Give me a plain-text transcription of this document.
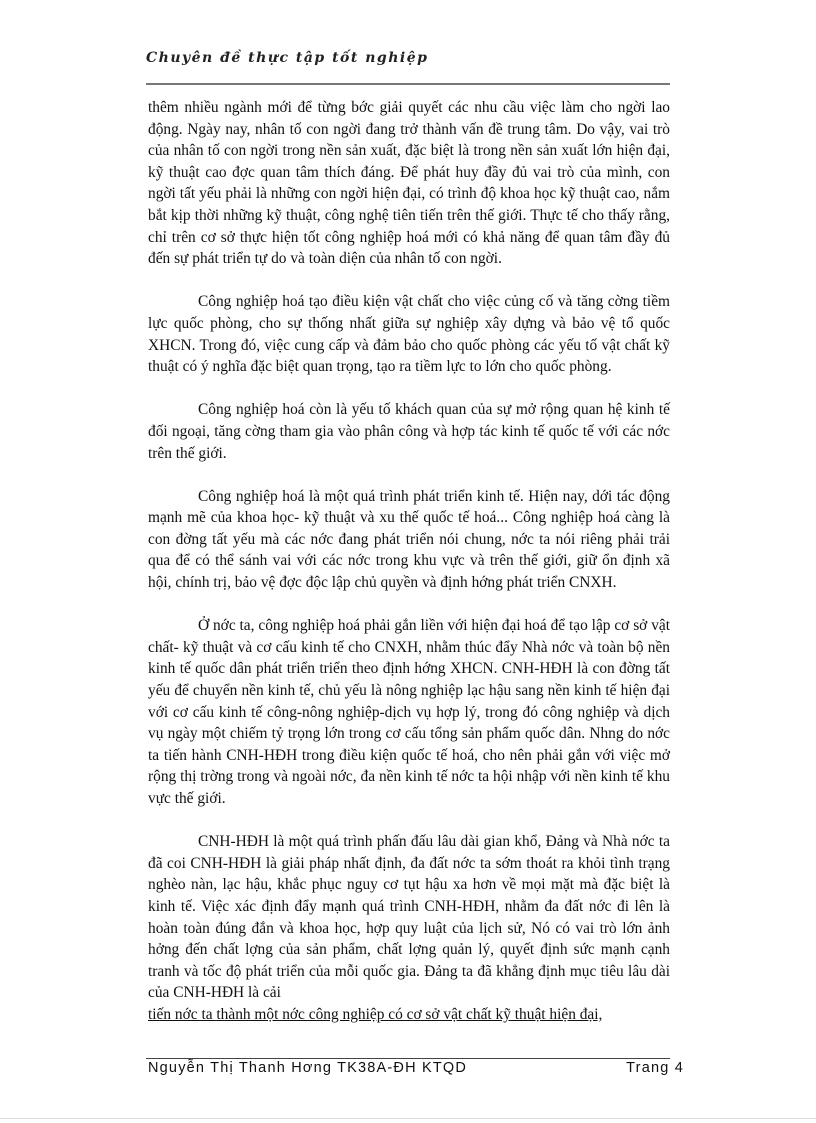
Chuyên đề thực tập tốt nghiệp

thêm nhiều ngành mới để từng bớc giải quyết các nhu cầu việc làm cho ngời lao động. Ngày nay, nhân tố con ngời đang trở thành vấn đề trung tâm. Do vậy, vai trò của nhân tố con ngời trong nền sản xuất, đặc biệt là trong nền sản xuất lớn hiện đại, kỹ thuật cao đợc quan tâm thích đáng. Để phát huy đầy đủ vai trò của mình, con ngời tất yếu phải là những con ngời hiện đại, có trình độ khoa học kỹ thuật cao, nắm bắt kịp thời những kỹ thuật, công nghệ tiên tiến trên thế giới. Thực tế cho thấy rằng, chỉ trên cơ sở thực hiện tốt công nghiệp hoá mới có khả năng để quan tâm đầy đủ đến sự phát triển tự do và toàn diện của nhân tố con ngời.

Công nghiệp hoá tạo điều kiện vật chất cho việc củng cố và tăng cờng tiềm lực quốc phòng, cho sự thống nhất giữa sự nghiệp xây dựng và bảo vệ tổ quốc XHCN. Trong đó, việc cung cấp và đảm bảo cho quốc phòng các yếu tố vật chất kỹ thuật có ý nghĩa đặc biệt quan trọng, tạo ra tiềm lực to lớn cho quốc phòng.

Công nghiệp hoá còn là yếu tố khách quan của sự mở rộng quan hệ kinh tế đối ngoại, tăng cờng tham gia vào phân công và hợp tác kinh tế quốc tế với các nớc trên thế giới.

Công nghiệp hoá là một quá trình phát triển kinh tế. Hiện nay, dới tác động mạnh mẽ của khoa học- kỹ thuật và xu thế quốc tế hoá... Công nghiệp hoá càng là con đờng tất yếu mà các nớc đang phát triển nói chung, nớc ta nói riêng phải trải qua để có thể sánh vai với các nớc trong khu vực và trên thế giới, giữ ổn định xã hội, chính trị, bảo vệ đợc độc lập chủ quyền và định hớng phát triển CNXH.

Ở nớc ta, công nghiệp hoá phải gắn liền với hiện đại hoá để tạo lập cơ sở vật chất- kỹ thuật và cơ cấu kinh tế cho CNXH, nhằm thúc đẩy Nhà nớc và toàn bộ nền kinh tế quốc dân phát triển triển theo định hớng XHCN. CNH-HĐH là con đờng tất yếu để chuyển nền kinh tế, chủ yếu là nông nghiệp lạc hậu sang nền kinh tế hiện đại với cơ cấu kinh tế công-nông nghiệp-dịch vụ hợp lý, trong đó công nghiệp và dịch vụ ngày một chiếm tỷ trọng lớn trong cơ cấu tổng sản phẩm quốc dân. Nhng do nớc ta tiến hành CNH-HĐH trong điều kiện quốc tế hoá, cho nên phải gắn với việc mở rộng thị trờng trong và ngoài nớc, đa nền kinh tế nớc ta hội nhập với nền kinh tế khu vực thế giới.

CNH-HĐH là một quá trình phấn đấu lâu dài gian khổ, Đảng và Nhà nớc ta đã coi CNH-HĐH là giải pháp nhất định, đa đất nớc ta sớm thoát ra khỏi tình trạng nghèo nàn, lạc hậu, khắc phục nguy cơ tụt hậu xa hơn về mọi mặt mà đặc biệt là kinh tế. Việc xác định đẩy mạnh quá trình CNH-HĐH, nhằm đa đất nớc đi lên là hoàn toàn đúng đắn và khoa học, hợp quy luật của lịch sử, Nó có vai trò lớn ảnh hởng đến chất lợng của sản phẩm, chất lợng quản lý, quyết định sức mạnh cạnh tranh và tốc độ phát triển của mỗi quốc gia. Đảng ta đã khẳng định mục tiêu lâu dài của CNH-HĐH là cải

tiến nớc ta thành một nớc công nghiệp có cơ sở vật chất kỹ thuật hiện đại,

Nguyễn Thị Thanh Hơng TK38A-ĐH KTQD	Trang 4
